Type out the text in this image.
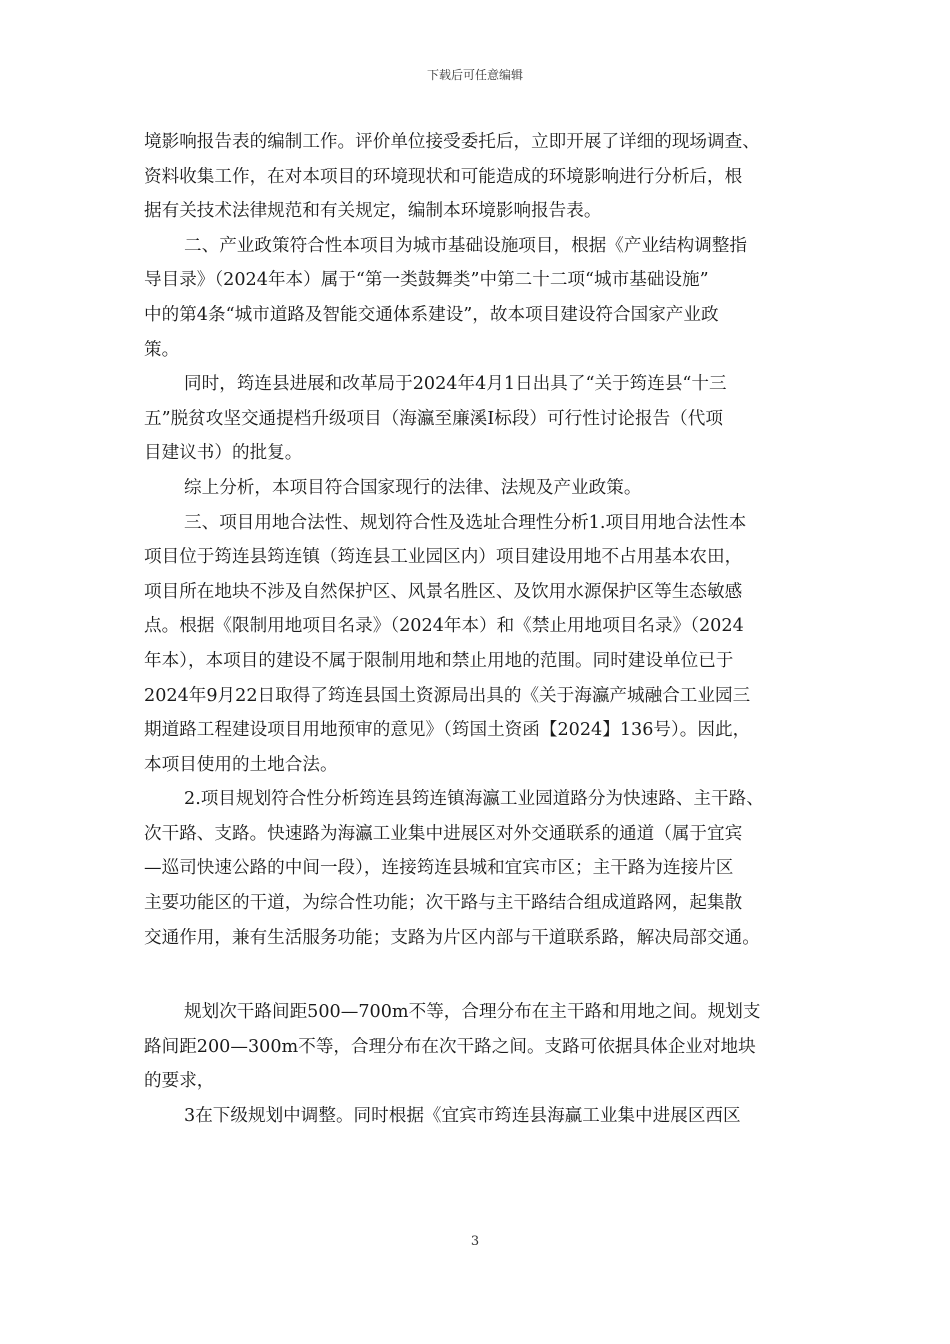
下载后可任意编辑
境影响报告表的编制工作。评价单位接受委托后，立即开展了详细的现场调查、
资料收集工作，在对本项目的环境现状和可能造成的环境影响进行分析后，根
据有关技术法律规范和有关规定，编制本环境影响报告表。
二、产业政策符合性本项目为城市基础设施项目，根据《产业结构调整指
导目录》（2024年本）属于“第一类鼓舞类”中第二十二项“城市基础设施”
中的第4条“城市道路及智能交通体系建设”，故本项目建设符合国家产业政
策。
同时，筠连县进展和改革局于2024年4月1日出具了“关于筠连县“十三
五”脱贫攻坚交通提档升级项目（海瀛至廉溪Ⅰ标段）可行性讨论报告（代项
目建议书）的批复。
综上分析，本项目符合国家现行的法律、法规及产业政策。
三、项目用地合法性、规划符合性及选址合理性分析1.项目用地合法性本
项目位于筠连县筠连镇（筠连县工业园区内）项目建设用地不占用基本农田，
项目所在地块不涉及自然保护区、风景名胜区、及饮用水源保护区等生态敏感
点。根据《限制用地项目名录》（2024年本）和《禁止用地项目名录》（2024
年本），本项目的建设不属于限制用地和禁止用地的范围。同时建设单位已于
2024年9月22日取得了筠连县国土资源局出具的《关于海瀛产城融合工业园三
期道路工程建设项目用地预审的意见》（筠国土资函【2024】136号）。因此，
本项目使用的土地合法。
2.项目规划符合性分析筠连县筠连镇海瀛工业园道路分为快速路、主干路、
次干路、支路。快速路为海瀛工业集中进展区对外交通联系的通道（属于宜宾
—巡司快速公路的中间一段），连接筠连县城和宜宾市区；主干路为连接片区
主要功能区的干道，为综合性功能；次干路与主干路结合组成道路网，起集散
交通作用，兼有生活服务功能；支路为片区内部与干道联系路，解决局部交通。
规划次干路间距500—700m不等，合理分布在主干路和用地之间。规划支
路间距200—300m不等，合理分布在次干路之间。支路可依据具体企业对地块
的要求，
3在下级规划中调整。同时根据《宜宾市筠连县海赢工业集中进展区西区
3
